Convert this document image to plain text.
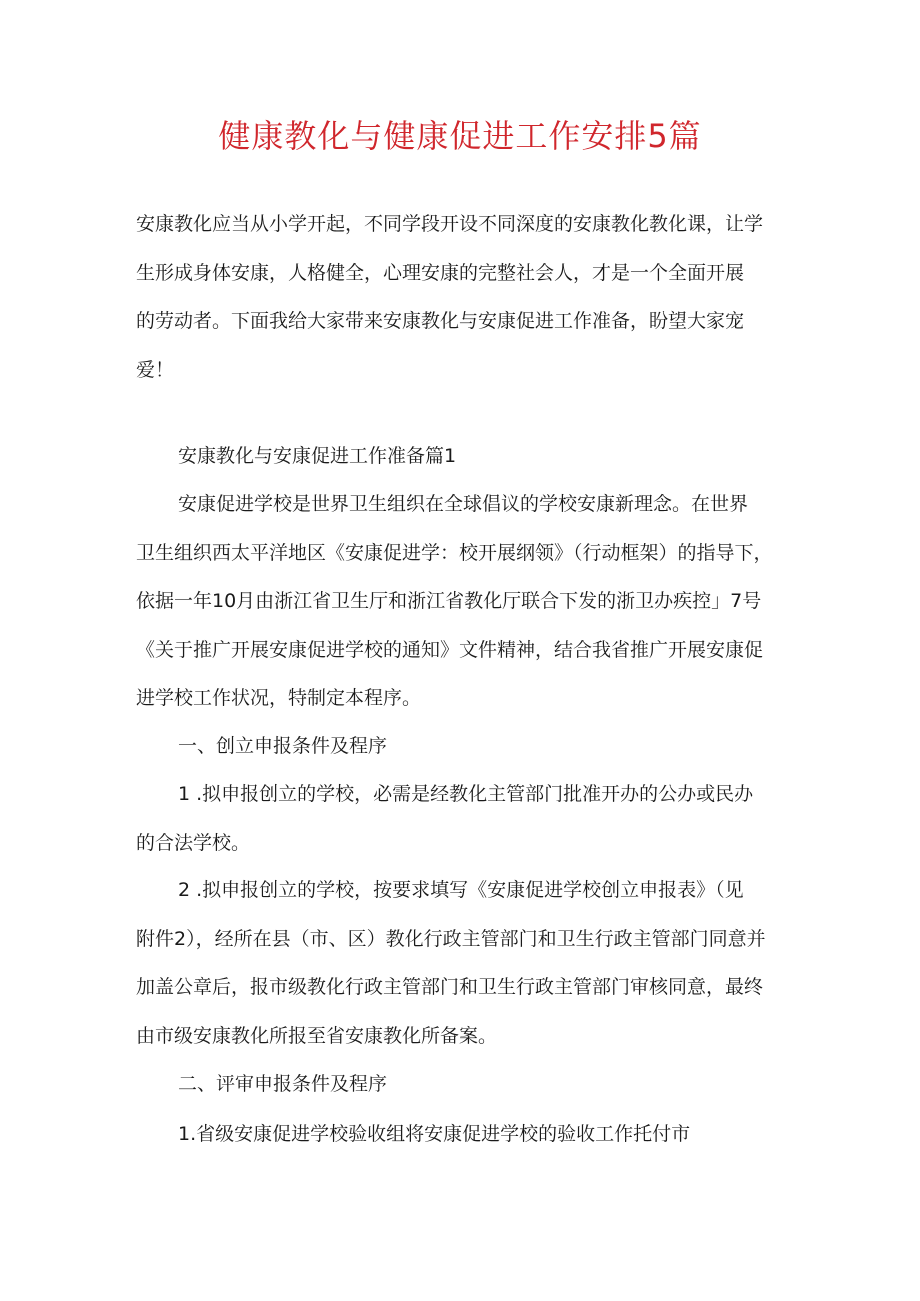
健康教化与健康促进工作安排5篇

安康教化应当从小学开起，不同学段开设不同深度的安康教化教化课，让学
生形成身体安康，人格健全，心理安康的完整社会人，才是一个全面开展
的劳动者。下面我给大家带来安康教化与安康促进工作准备，盼望大家宠
爱！

安康教化与安康促进工作准备篇1

安康促进学校是世界卫生组织在全球倡议的学校安康新理念。在世界
卫生组织西太平洋地区《安康促进学：校开展纲领》（行动框架）的指导下，
依据一年10月由浙江省卫生厅和浙江省教化厅联合下发的浙卫办疾控」7号
《关于推广开展安康促进学校的通知》文件精神，结合我省推广开展安康促
进学校工作状况，特制定本程序。

一、创立申报条件及程序

1 .拟申报创立的学校，必需是经教化主管部门批准开办的公办或民办
的合法学校。

2 .拟申报创立的学校，按要求填写《安康促进学校创立申报表》（见
附件2），经所在县（市、区）教化行政主管部门和卫生行政主管部门同意并
加盖公章后，报市级教化行政主管部门和卫生行政主管部门审核同意，最终
由市级安康教化所报至省安康教化所备案。

二、评审申报条件及程序

1.省级安康促进学校验收组将安康促进学校的验收工作托付市
